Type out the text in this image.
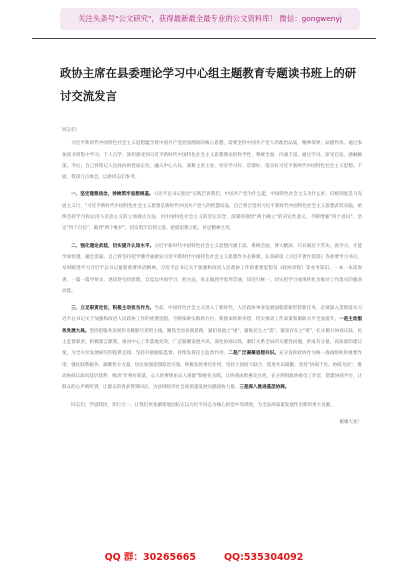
关注头条号"公文研究"，获得最新最全最专业的公文资料库！ 微信：gongwenyj
政协主席在县委理论学习中心组主题教育专题读书班上的研讨交流发言

同志们：

习近平新时代中国特色社会主义思想蕴含着中国共产党治国理政的核心思想，需要坚持中国共产党人的政治品质，精神境界、品德作风。通过参加读书班集中学习，个人自学，深切感受到习近平新时代中国特色社会主义思想理论的科学性、系统全面，内涵丰富。通过学习，深受启发，感触颇深。今后，自己将铭记人民政协的性质定位，融入中心大局，深耕主责主业，切实学习好、贯彻好、落实好习近平新时代中国特色社会主义思想。下面，我谈几点体会，以供同志们参考。

一、坚定理想信念，持续筑牢思想根基。习近平总书记指出"实践告诉我们，中国共产党为什么能，中国特色社会主义为什么好，归根到底是马克思主义行，"习近平新时代中国特色社会主义思想是新时代中国共产党人的智慧结晶，自己将自觉用习近平新时代中国特色社会主义思想武装头脑，始终坚持学习和运用马克思主义的立场观点方法，用中国特色社会主义的坚定信念，深刻的领悟"两个确立"的决定性意义，不断增强"四个意识"、坚定"四个自信"，做到"两个维护"，切实筑牢信仰之基、把稳思想之舵、补足精神之钙。

二、强化理论武装，切实提升认知水平。习近平新时代中国特色社会主义思想内涵丰富、系统全面、博大精深，只有通过下苦功、真学习，才能学深悟透、融会贯通。自己将坚持把学懂弄通做实习近平新时代中国特色社会主义思想作为必修课，认真研读《习近平著作选读》等重要学习书目，及时跟进学习习近平总书记最新重要讲话精神。习近平总书记关于加强和改进人民政协工作的重要思想及《政协章程》等业务知识，一本一本读原著，一篇一篇学原文，逐段逐句悟原理，自觉以中国学习，把方法，真正做到学思用贯通，知信行统一。切实把学习成果转化为推动工作落实的强劲动能。

三、立足职责定位，积极主动担当作为。当前，中国特色社会主义进入了新时代，人民政协事业发展面临着新形势新任务，必须深入贯彻落实习近平总书记关于加强和改进人民政协工作的重要思想，不断探索实践新方位、新使命的新举措，切实推动工作质量和履职水平全面提升。一是主动服务发展大局。坚持把服务发展作为履职尽责的主线，聚焦全县发展思路，紧扣发展之"重"，紧贴民生之"需"，紧扣存在之"难"，扎实履行协商议政、民主监督职责，积极建言献策，推动中心工作落地见效，广泛凝聚发展共识。深化协商议政，紧盯关系全局的关键性问题，形成有分量、高质量的建议案，为全方位发展研究的提供支撑。坚持开展跟踪监督，持续发挥民主监督作用。二是广泛凝聚思想共识。充分发挥政协作为统一战线组织的重要作用，强化联系服务，凝聚各方力量，切实加强思想政治引领，积极发挥委员作用，坚持大团结大联合，促进共识凝聚。坚持"协商于民、协商为民"，推动协商议政向基层延伸，推动"有事好商量、众人的事情由众人商量"制度化实践，让协商成果惠及百姓。充分利用政协委员工作室，搭建协商平台，让群众的心声被听到，让群众的诉求得到回应，为县域经济社会高质量发展贡献政协力量。三是深入推进基层协商。

同志们，学思践悟，知行合一，让我们更加紧密地团结在以习近平同志为核心的党中央周围，为全县高质量发展作出新的更大贡献。

谢谢大家！

QQ 群：30265665	QQ:535304092
